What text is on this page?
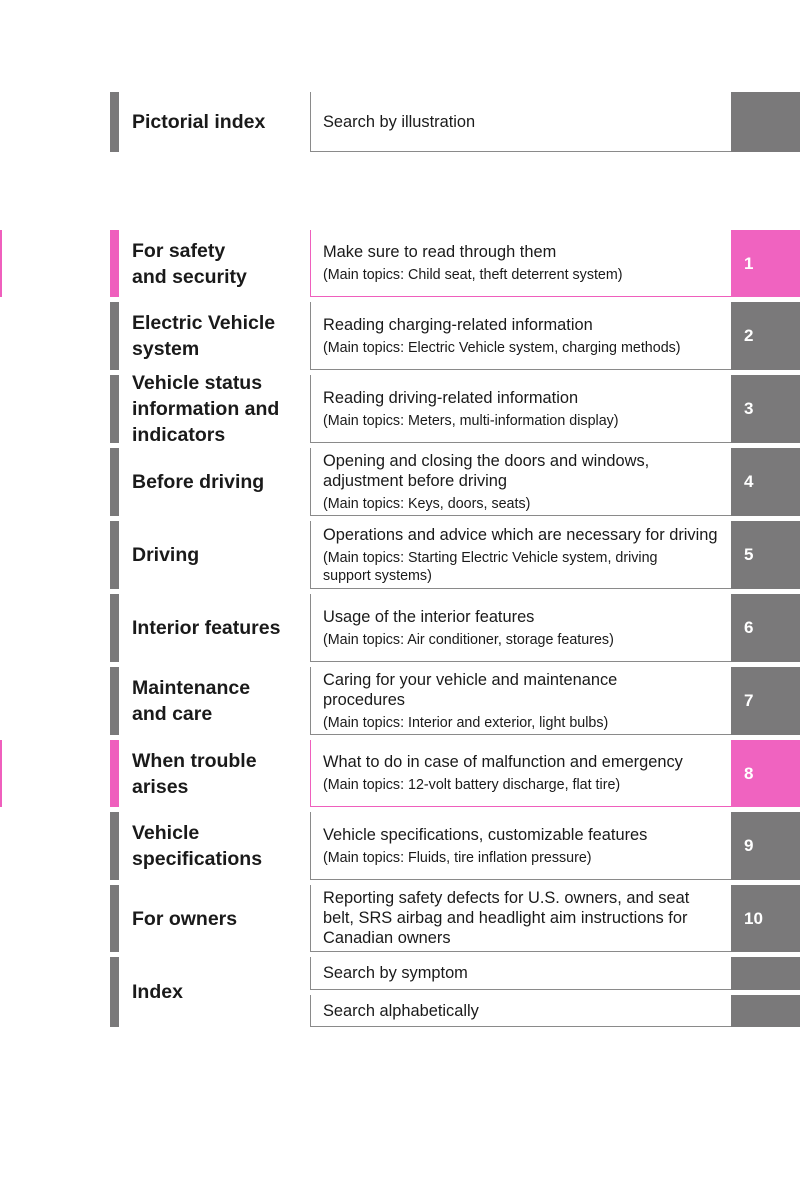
Pictorial index	Search by illustration
For safety
and security
Make sure to read through them
(Main topics: Child seat, theft deterrent system)
1
Electric Vehicle
system
Reading charging-related information
(Main topics: Electric Vehicle system, charging methods)
2
Vehicle status
information and
indicators
Reading driving-related information
(Main topics: Meters, multi-information display)
3
Before driving
Opening and closing the doors and windows,
adjustment before driving
(Main topics: Keys, doors, seats)
4
Driving
Operations and advice which are necessary for driving
(Main topics: Starting Electric Vehicle system, driving
support systems)
5
Interior features
Usage of the interior features
(Main topics: Air conditioner, storage features)
6
Maintenance
and care
Caring for your vehicle and maintenance
procedures
(Main topics: Interior and exterior, light bulbs)
7
When trouble
arises
What to do in case of malfunction and emergency
(Main topics: 12-volt battery discharge, flat tire)
8
Vehicle
specifications
Vehicle specifications, customizable features
(Main topics: Fluids, tire inflation pressure)
9
For owners
Reporting safety defects for U.S. owners, and seat
belt, SRS airbag and headlight aim instructions for
Canadian owners
10
Index
Search by symptom
Search alphabetically
